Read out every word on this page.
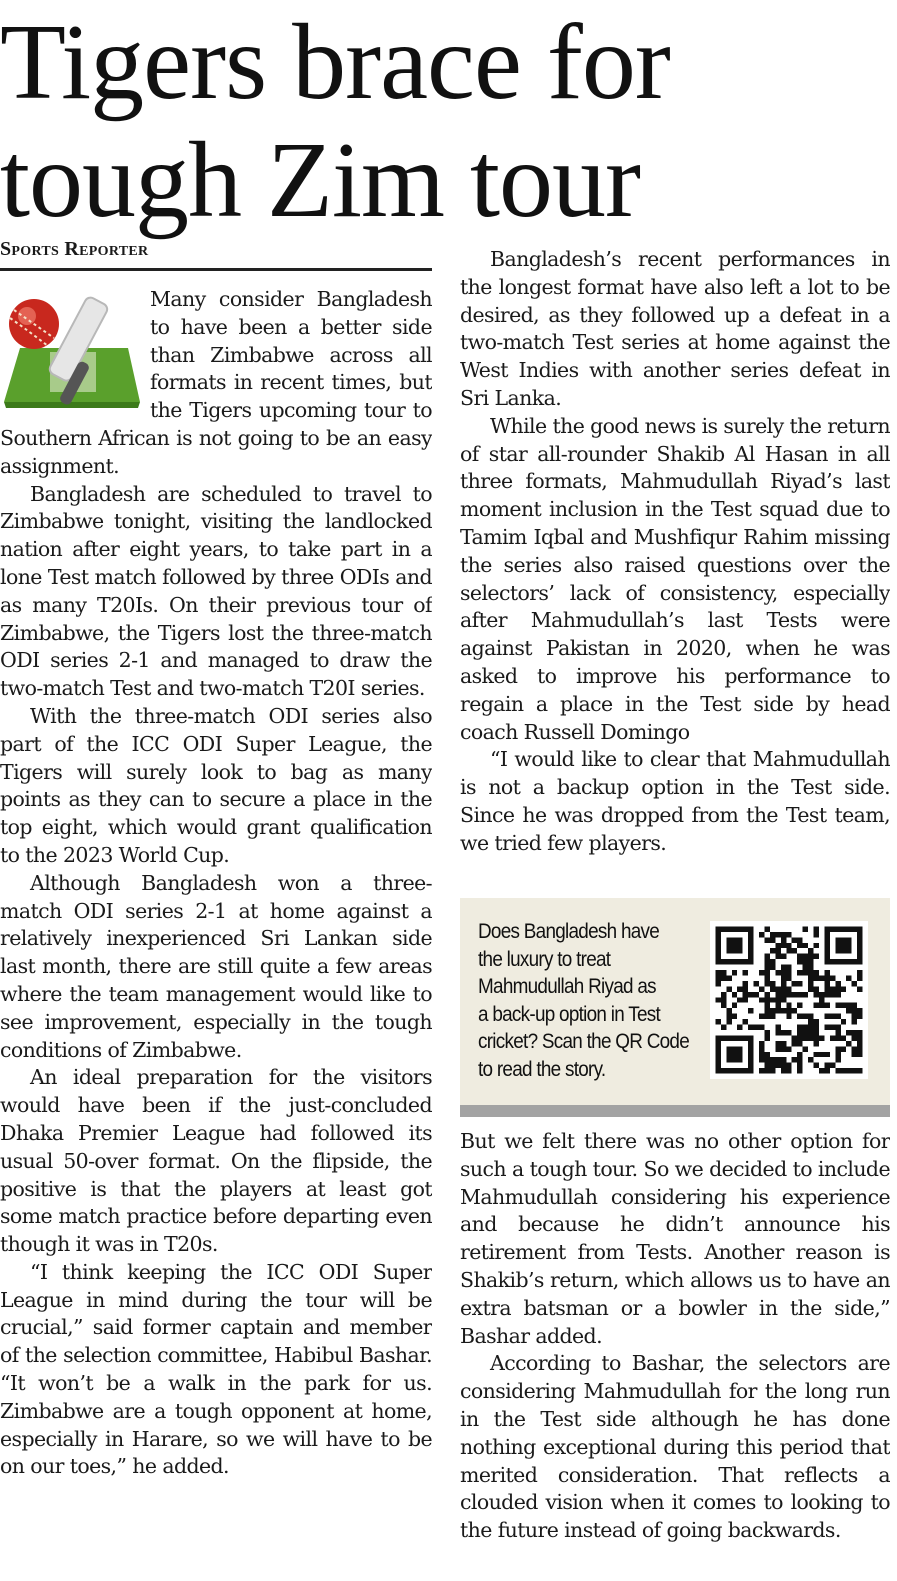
Tigers brace for
tough Zim tour
Sports Reporter

Many consider Bangladesh to have been a better side than Zimbabwe across all formats in recent times, but the Tigers upcoming tour to Southern African is not going to be an easy assignment.

Bangladesh are scheduled to travel to Zimbabwe tonight, visiting the landlocked nation after eight years, to take part in a lone Test match followed by three ODIs and as many T20Is. On their previous tour of Zimbabwe, the Tigers lost the three-match ODI series 2-1 and managed to draw the two-match Test and two-match T20I series.

With the three-match ODI series also part of the ICC ODI Super League, the Tigers will surely look to bag as many points as they can to secure a place in the top eight, which would grant qualification to the 2023 World Cup.

Although Bangladesh won a three-match ODI series 2-1 at home against a relatively inexperienced Sri Lankan side last month, there are still quite a few areas where the team management would like to see improvement, especially in the tough conditions of Zimbabwe.

An ideal preparation for the visitors would have been if the just-concluded Dhaka Premier League had followed its usual 50-over format. On the flipside, the positive is that the players at least got some match practice before departing even though it was in T20s.

“I think keeping the ICC ODI Super League in mind during the tour will be crucial,” said former captain and member of the selection committee, Habibul Bashar. “It won’t be a walk in the park for us. Zimbabwe are a tough opponent at home, especially in Harare, so we will have to be on our toes,” he added.

Bangladesh’s recent performances in the longest format have also left a lot to be desired, as they followed up a defeat in a two-match Test series at home against the West Indies with another series defeat in Sri Lanka.

While the good news is surely the return of star all-rounder Shakib Al Hasan in all three formats, Mahmudullah Riyad’s last moment inclusion in the Test squad due to Tamim Iqbal and Mushfiqur Rahim missing the series also raised questions over the selectors’ lack of consistency, especially after Mahmudullah’s last Tests were against Pakistan in 2020, when he was asked to improve his performance to regain a place in the Test side by head coach Russell Domingo

“I would like to clear that Mahmudullah is not a backup option in the Test side. Since he was dropped from the Test team, we tried few players.

Does Bangladesh have
the luxury to treat
Mahmudullah Riyad as
a back-up option in Test
cricket? Scan the QR Code
to read the story.

But we felt there was no other option for such a tough tour. So we decided to include Mahmudullah considering his experience and because he didn’t announce his retirement from Tests. Another reason is Shakib’s return, which allows us to have an extra batsman or a bowler in the side,” Bashar added.

According to Bashar, the selectors are considering Mahmudullah for the long run in the Test side although he has done nothing exceptional during this period that merited consideration. That reflects a clouded vision when it comes to looking to the future instead of going backwards.
